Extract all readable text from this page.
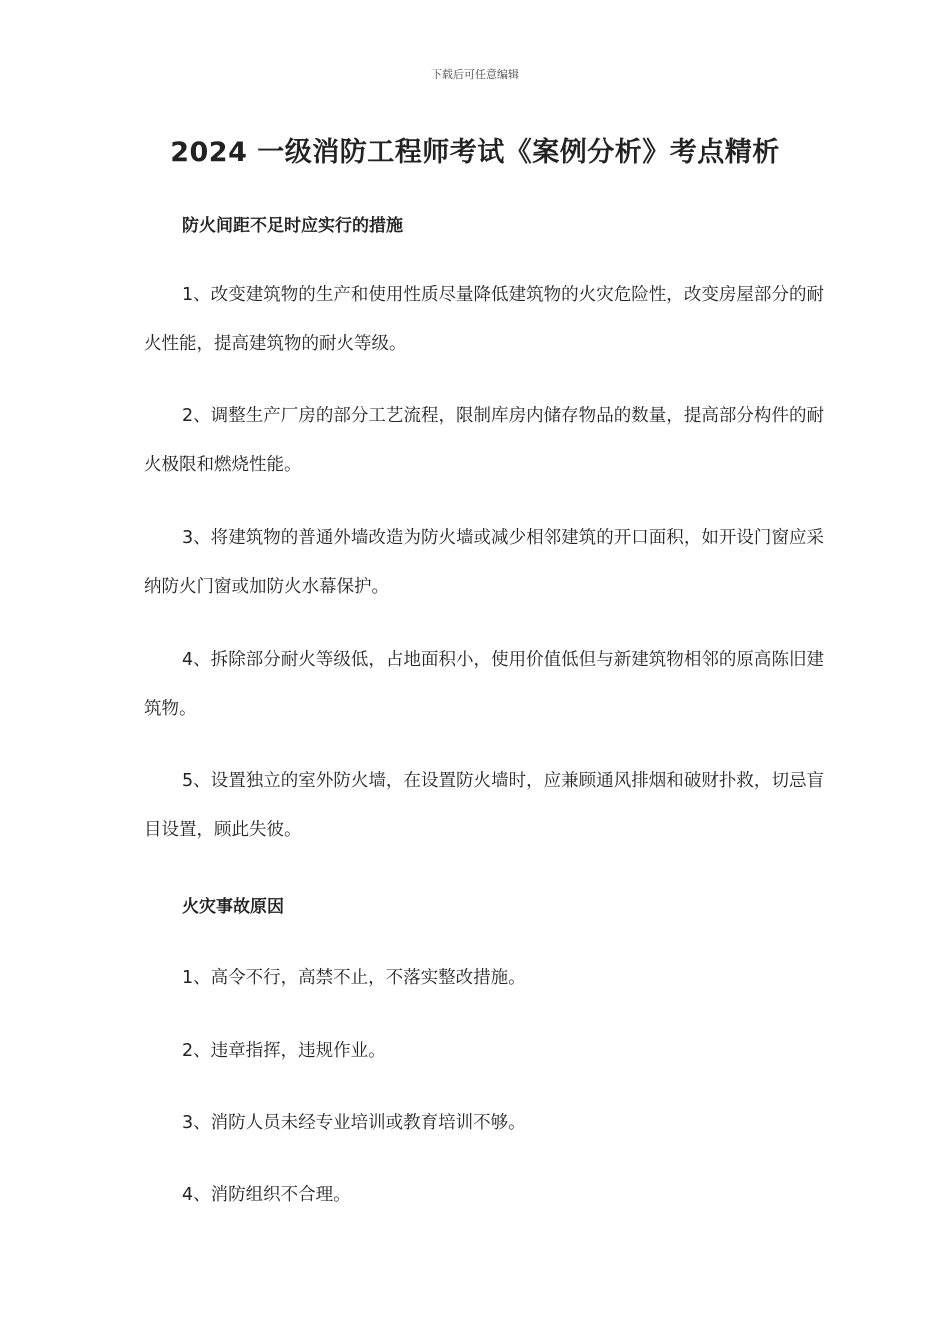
下载后可任意编辑
2024 一级消防工程师考试《案例分析》考点精析
防火间距不足时应实行的措施
1、改变建筑物的生产和使用性质尽量降低建筑物的火灾危险性，改变房屋部分的耐火性能，提高建筑物的耐火等级。
2、调整生产厂房的部分工艺流程，限制库房内储存物品的数量，提高部分构件的耐火极限和燃烧性能。
3、将建筑物的普通外墙改造为防火墙或减少相邻建筑的开口面积，如开设门窗应采纳防火门窗或加防火水幕保护。
4、拆除部分耐火等级低，占地面积小，使用价值低但与新建筑物相邻的原高陈旧建筑物。
5、设置独立的室外防火墙，在设置防火墙时，应兼顾通风排烟和破财扑救，切忌盲目设置，顾此失彼。
火灾事故原因
1、高令不行，高禁不止，不落实整改措施。
2、违章指挥，违规作业。
3、消防人员未经专业培训或教育培训不够。
4、消防组织不合理。
